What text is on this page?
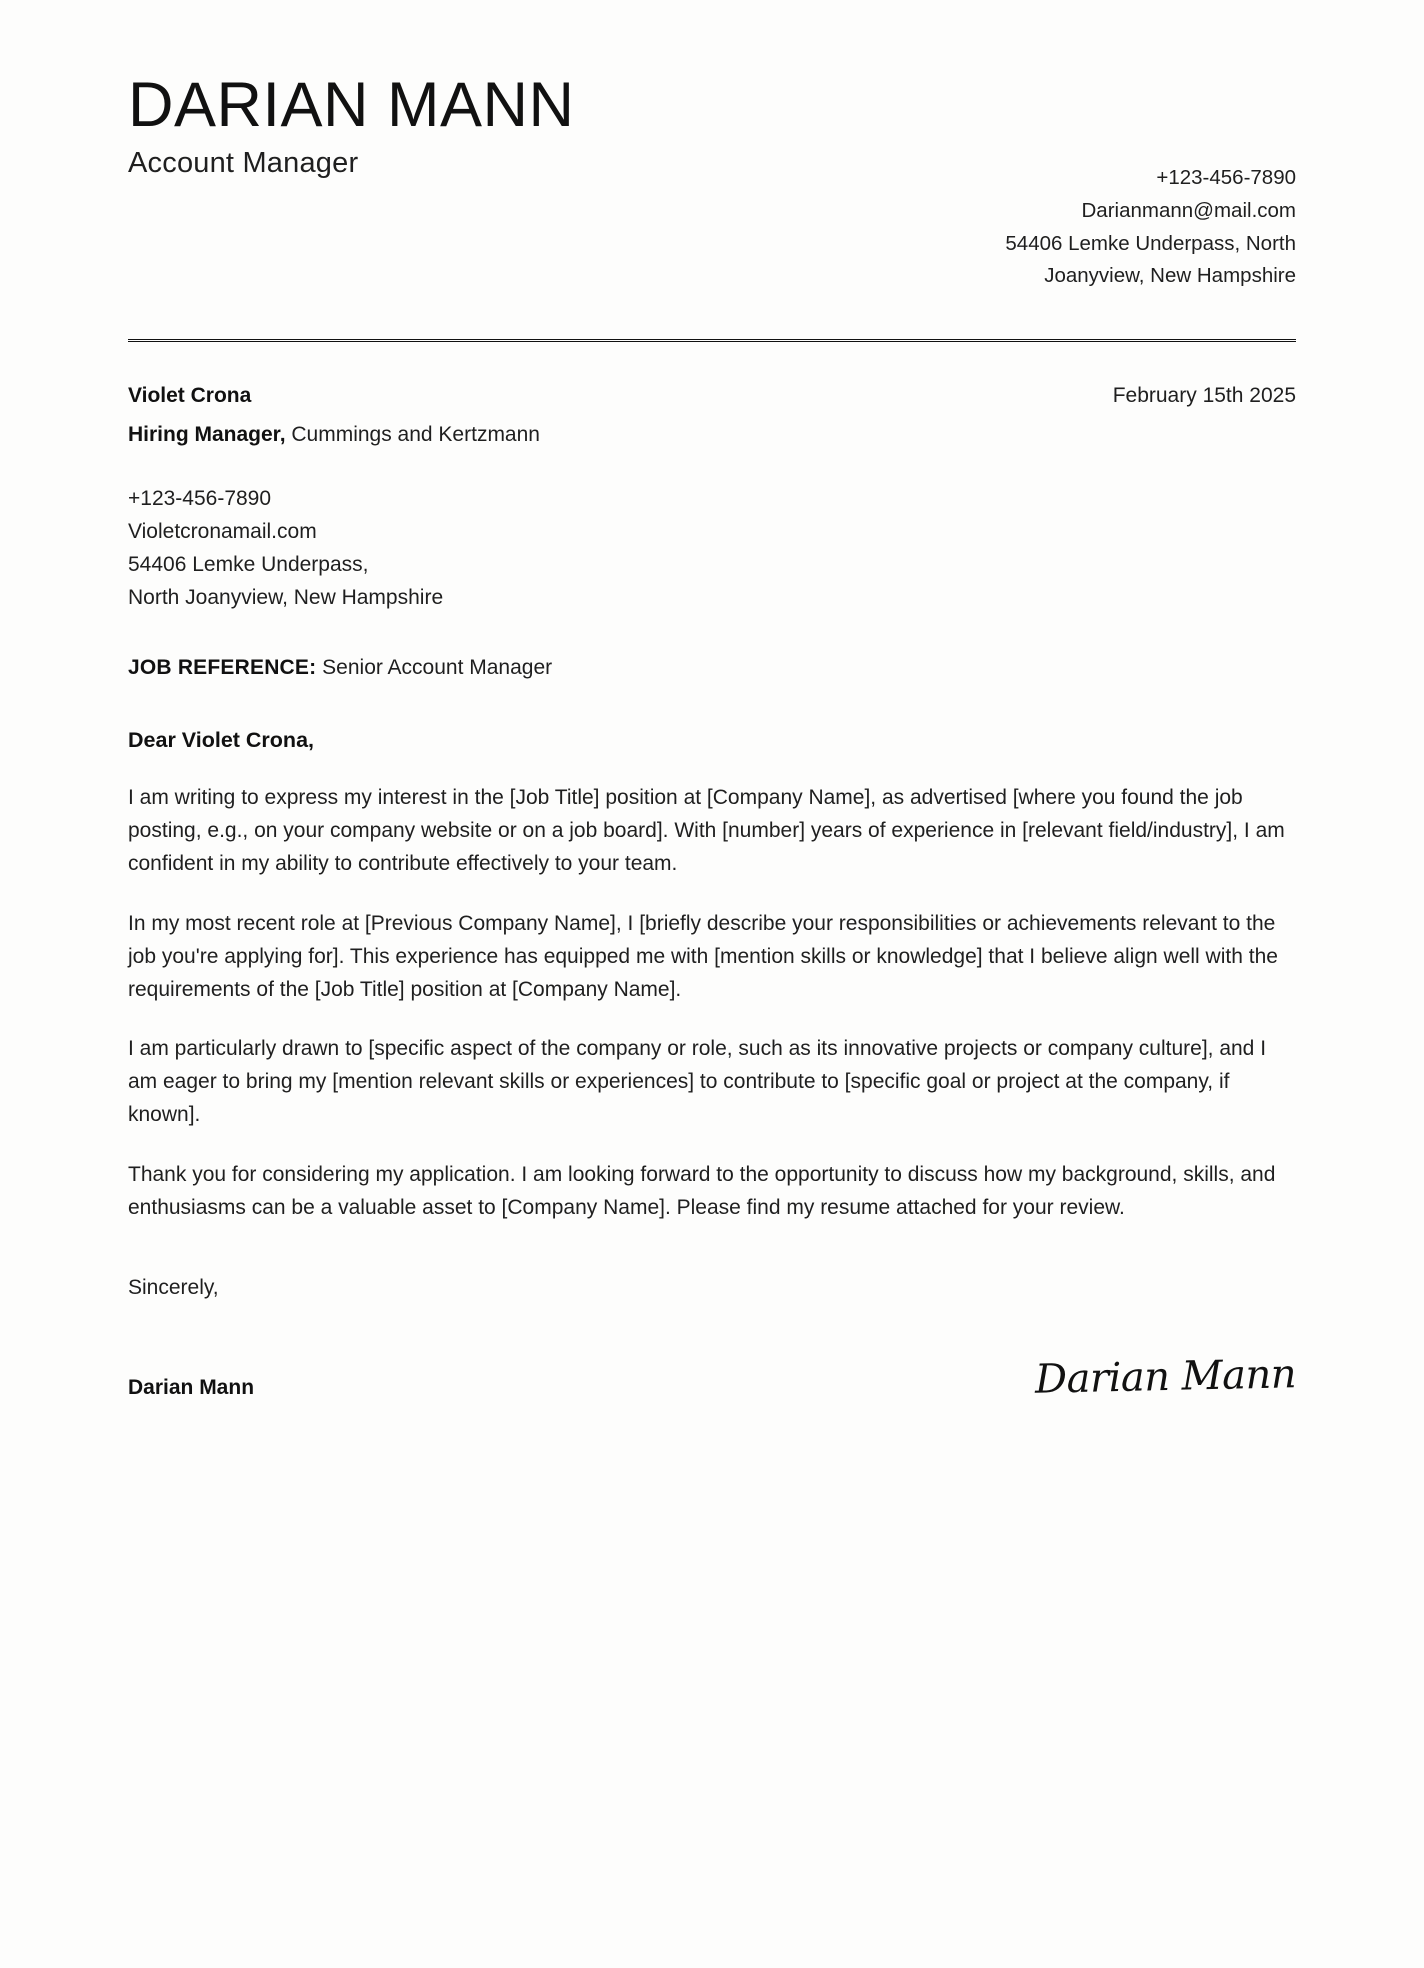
DARIAN MANN
Account Manager	+123-456-7890
Darianmann@mail.com
54406 Lemke Underpass, North Joanyview, New Hampshire
Violet Crona	February 15th 2025
Hiring Manager, Cummings and Kertzmann
+123-456-7890
Violetcronamail.com
54406 Lemke Underpass,
North Joanyview, New Hampshire
JOB REFERENCE: Senior Account Manager
Dear Violet Crona,

I am writing to express my interest in the [Job Title] position at [Company Name], as advertised [where you found the job posting, e.g., on your company website or on a job board]. With [number] years of experience in [relevant field/industry], I am confident in my ability to contribute effectively to your team.

In my most recent role at [Previous Company Name], I [briefly describe your responsibilities or achievements relevant to the job you're applying for]. This experience has equipped me with [mention skills or knowledge] that I believe align well with the requirements of the [Job Title] position at [Company Name].

I am particularly drawn to [specific aspect of the company or role, such as its innovative projects or company culture], and I am eager to bring my [mention relevant skills or experiences] to contribute to [specific goal or project at the company, if known].

Thank you for considering my application. I am looking forward to the opportunity to discuss how my background, skills, and enthusiasms can be a valuable asset to [Company Name]. Please find my resume attached for your review.

Sincerely,
Darian Mann	Darian Mann
